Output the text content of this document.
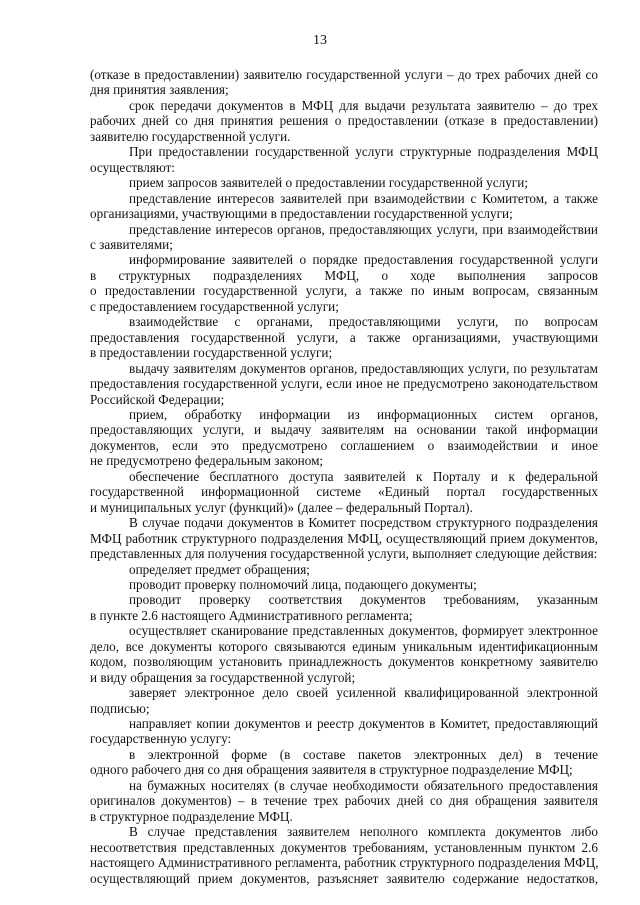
13
(отказе в предоставлении) заявителю государственной услуги – до трех рабочих дней со
дня принятия заявления;
срок передачи документов в МФЦ для выдачи результата заявителю – до трех
рабочих дней со дня принятия решения о предоставлении (отказе в предоставлении)
заявителю государственной услуги.
При предоставлении государственной услуги структурные подразделения МФЦ
осуществляют:
прием запросов заявителей о предоставлении государственной услуги;
представление интересов заявителей при взаимодействии с Комитетом, а также
организациями, участвующими в предоставлении государственной услуги;
представление интересов органов, предоставляющих услуги, при взаимодействии
с заявителями;
информирование заявителей о порядке предоставления государственной услуги
в структурных подразделениях МФЦ, о ходе выполнения запросов
о предоставлении государственной услуги, а также по иным вопросам, связанным
с предоставлением государственной услуги;
взаимодействие с органами, предоставляющими услуги, по вопросам
предоставления государственной услуги, а также организациями, участвующими
в предоставлении государственной услуги;
выдачу заявителям документов органов, предоставляющих услуги, по результатам
предоставления государственной услуги, если иное не предусмотрено законодательством
Российской Федерации;
прием, обработку информации из информационных систем органов,
предоставляющих услуги, и выдачу заявителям на основании такой информации
документов, если это предусмотрено соглашением о взаимодействии и иное
не предусмотрено федеральным законом;
обеспечение бесплатного доступа заявителей к Порталу и к федеральной
государственной информационной системе «Единый портал государственных
и муниципальных услуг (функций)» (далее – федеральный Портал).
В случае подачи документов в Комитет посредством структурного подразделения
МФЦ работник структурного подразделения МФЦ, осуществляющий прием документов,
представленных для получения государственной услуги, выполняет следующие действия:
определяет предмет обращения;
проводит проверку полномочий лица, подающего документы;
проводит проверку соответствия документов требованиям, указанным
в пункте 2.6 настоящего Административного регламента;
осуществляет сканирование представленных документов, формирует электронное
дело, все документы которого связываются единым уникальным идентификационным
кодом, позволяющим установить принадлежность документов конкретному заявителю
и виду обращения за государственной услугой;
заверяет электронное дело своей усиленной квалифицированной электронной
подписью;
направляет копии документов и реестр документов в Комитет, предоставляющий
государственную услугу:
в электронной форме (в составе пакетов электронных дел) в течение
одного рабочего дня со дня обращения заявителя в структурное подразделение МФЦ;
на бумажных носителях (в случае необходимости обязательного предоставления
оригиналов документов) – в течение трех рабочих дней со дня обращения заявителя
в структурное подразделение МФЦ.
В случае представления заявителем неполного комплекта документов либо
несоответствия представленных документов требованиям, установленным пунктом 2.6
настоящего Административного регламента, работник структурного подразделения МФЦ,
осуществляющий прием документов, разъясняет заявителю содержание недостатков,
